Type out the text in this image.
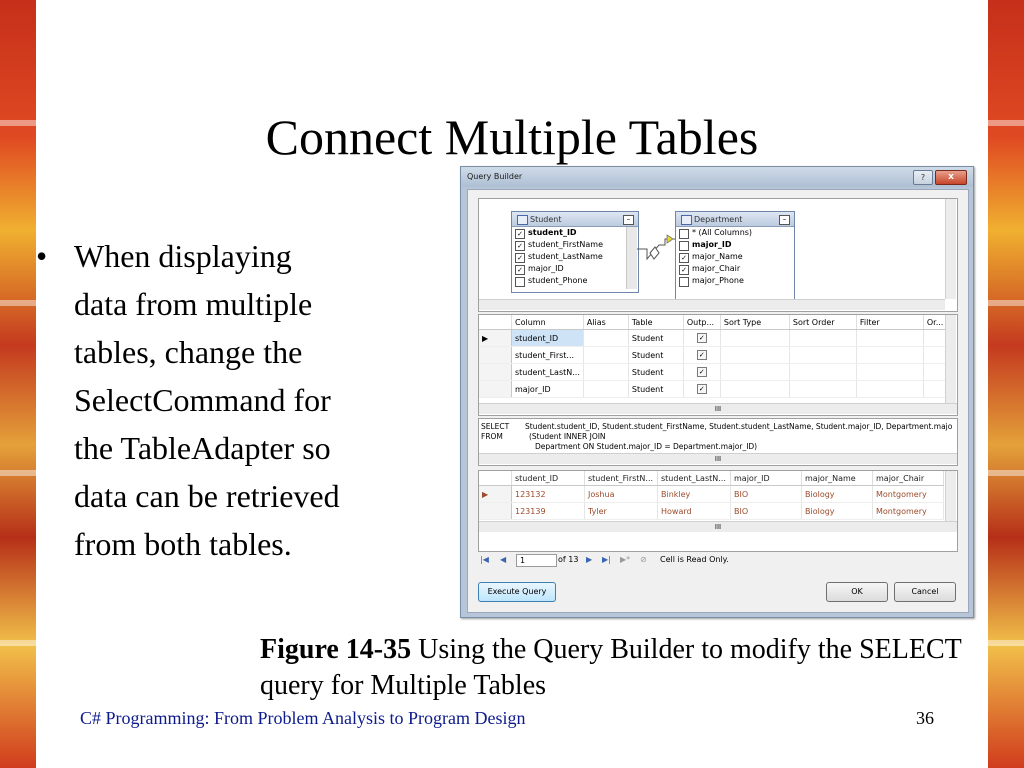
Connect Multiple Tables
• When displaying
data from multiple
tables, change the
SelectCommand for
the TableAdapter so
data can be retrieved
from both tables.
Query Builder	?	x
Student	–
✓ student_ID
✓ student_FirstName
✓ student_LastName
✓ major_ID
student_Phone
Department	–
* (All Columns)
major_ID
✓ major_Name
✓ major_Chair
major_Phone
	Column	Alias	Table	Outp...	Sort Type	Sort Order	Filter	Or...
▶	student_ID		Student	✓				
	student_First...		Student	✓				
	student_LastN...		Student	✓				
	major_ID		Student	✓				
III
SELECT Student.student_ID, Student.student_FirstName, Student.student_LastName, Student.major_ID, Department.majo
FROM	(Student INNER JOIN
Department ON Student.major_ID = Department.major_ID)
III
	student_ID	student_FirstN...	student_LastN...	major_ID	major_Name	major_Chair
▶	123132	Joshua	Binkley	BIO	Biology	Montgomery
	123139	Tyler	Howard	BIO	Biology	Montgomery
III
|◀ ◀	1	of 13 ▶ ▶| ▶* ⊘ Cell is Read Only.
Execute Query	OK	Cancel
Figure 14-35 Using the Query Builder to modify the SELECT query for Multiple Tables
C# Programming: From Problem Analysis to Program Design	36
